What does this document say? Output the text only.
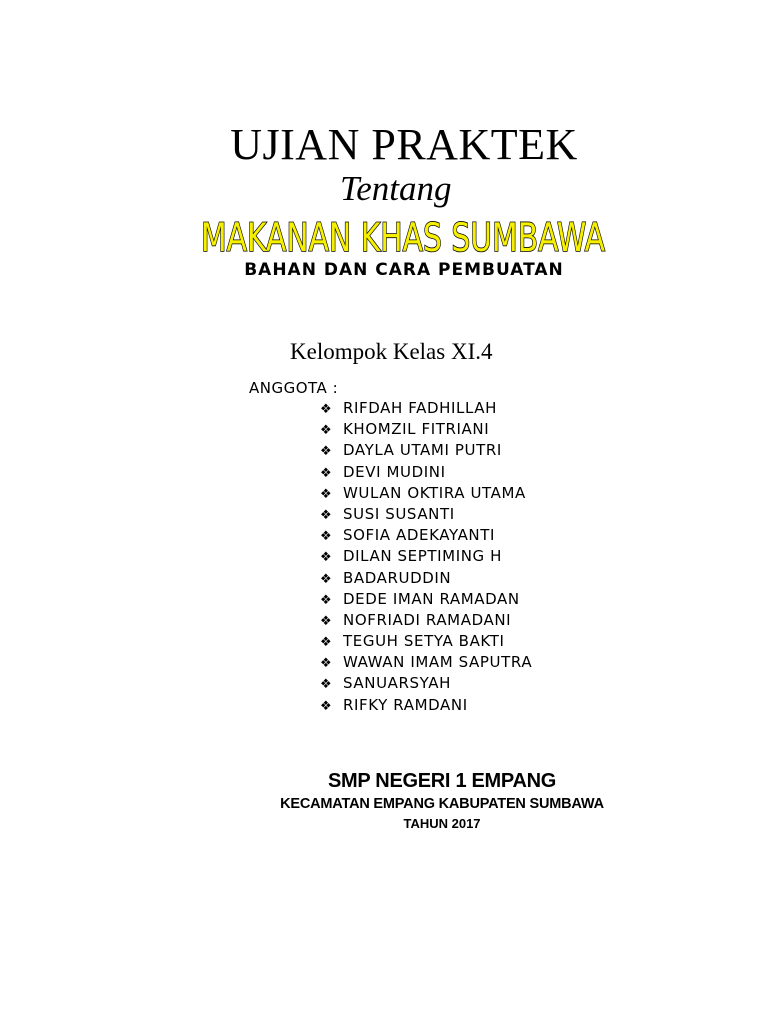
UJIAN PRAKTEK
Tentang
MAKANAN KHAS SUMBAWA
BAHAN DAN CARA PEMBUATAN
Kelompok Kelas XI.4
ANGGOTA :
❖ RIFDAH FADHILLAH
❖ KHOMZIL FITRIANI
❖ DAYLA UTAMI PUTRI
❖ DEVI MUDINI
❖ WULAN OKTIRA UTAMA
❖ SUSI SUSANTI
❖ SOFIA ADEKAYANTI
❖ DILAN SEPTIMING H
❖ BADARUDDIN
❖ DEDE IMAN RAMADAN
❖ NOFRIADI RAMADANI
❖ TEGUH SETYA BAKTI
❖ WAWAN IMAM SAPUTRA
❖ SANUARSYAH
❖ RIFKY RAMDANI
SMP NEGERI 1 EMPANG
KECAMATAN EMPANG KABUPATEN SUMBAWA
TAHUN 2017
